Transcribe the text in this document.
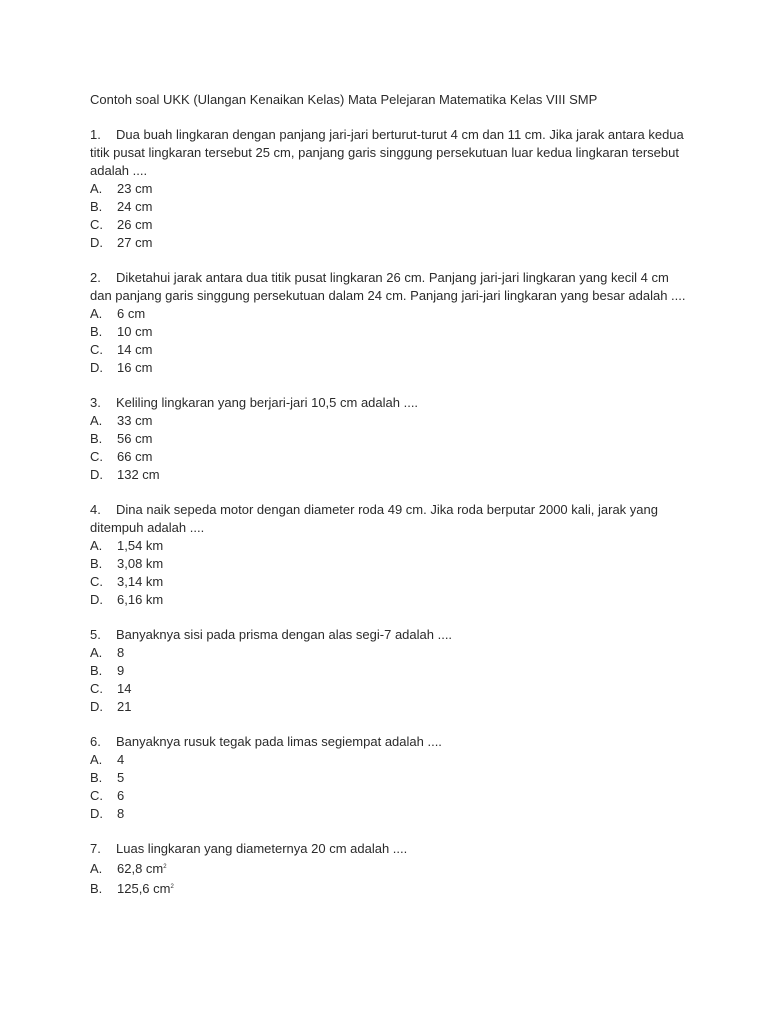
Contoh soal UKK (Ulangan Kenaikan Kelas) Mata Pelejaran Matematika Kelas VIII SMP

1. Dua buah lingkaran dengan panjang jari-jari berturut-turut 4 cm dan 11 cm. Jika jarak antara kedua titik pusat lingkaran tersebut 25 cm, panjang garis singgung persekutuan luar kedua lingkaran tersebut adalah ....

A. 23 cm
B. 24 cm
C. 26 cm
D. 27 cm

2. Diketahui jarak antara dua titik pusat lingkaran 26 cm. Panjang jari-jari lingkaran yang kecil 4 cm dan panjang garis singgung persekutuan dalam 24 cm. Panjang jari-jari lingkaran yang besar adalah ....

A. 6 cm
B. 10 cm
C. 14 cm
D. 16 cm

3. Keliling lingkaran yang berjari-jari 10,5 cm adalah ....

A. 33 cm
B. 56 cm
C. 66 cm
D. 132 cm

4. Dina naik sepeda motor dengan diameter roda 49 cm. Jika roda berputar 2000 kali, jarak yang ditempuh adalah ....

A. 1,54 km
B. 3,08 km
C. 3,14 km
D. 6,16 km

5. Banyaknya sisi pada prisma dengan alas segi-7 adalah ....

A. 8
B. 9
C. 14
D. 21

6. Banyaknya rusuk tegak pada limas segiempat adalah ....

A. 4
B. 5
C. 6
D. 8

7. Luas lingkaran yang diameternya 20 cm adalah ....

A. 62,8 $cm^2$
B. 125,6 $cm^2$
